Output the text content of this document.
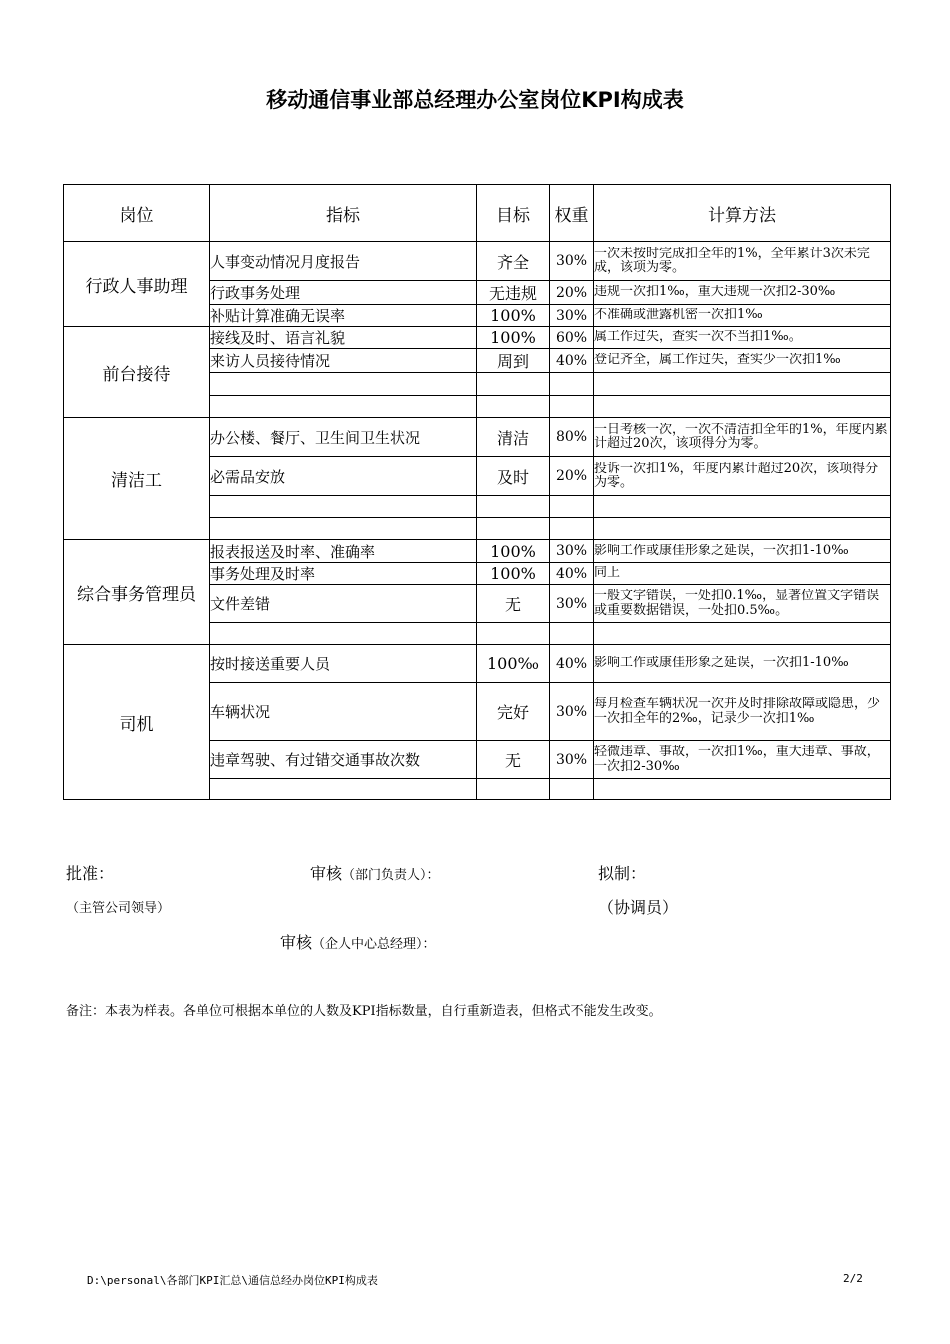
移动通信事业部总经理办公室岗位KPI构成表
岗位	指标	目标	权重	计算方法
行政人事助理	人事变动情况月度报告	齐全	30%	一次未按时完成扣全年的1%，全年累计3次未完成，该项为零。

	行政事务处理	无违规	20%	违规一次扣1‰，重大违规一次扣2-30‰

	补贴计算准确无误率	100%	30%	不准确或泄露机密一次扣1‰

前台接待	接线及时、语言礼貌	100%	60%	属工作过失，查实一次不当扣1‰。

	来访人员接待情况	周到	40%	登记齐全，属工作过失，查实少一次扣1‰

清洁工	办公楼、餐厅、卫生间卫生状况	清洁	80%	一日考核一次，一次不清洁扣全年的1%，年度内累计超过20次，该项得分为零。

	必需品安放	及时	20%	投诉一次扣1%，年度内累计超过20次，该项得分为零。

综合事务管理员	报表报送及时率、准确率	100%	30%	影响工作或康佳形象之延误，一次扣1-10‰

	事务处理及时率	100%	40%	同上

	文件差错	无	30%	一般文字错误，一处扣0.1‰，显著位置文字错误或重要数据错误，一处扣0.5‰。

司机	按时接送重要人员	100‰	40%	影响工作或康佳形象之延误，一次扣1-10‰

	车辆状况	完好	30%	每月检查车辆状况一次并及时排除故障或隐患，少一次扣全年的2‰，记录少一次扣1‰

	违章驾驶、有过错交通事故次数	无	30%	轻微违章、事故，一次扣1‰，重大违章、事故，一次扣2-30‰

批准：
（主管公司领导）
审核（部门负责人）：
审核（企人中心总经理）：
拟制：
（协调员）
备注：本表为样表。各单位可根据本单位的人数及KPI指标数量，自行重新造表，但格式不能发生改变。
D:\personal\各部门KPI汇总\通信总经办岗位KPI构成表	2/2
